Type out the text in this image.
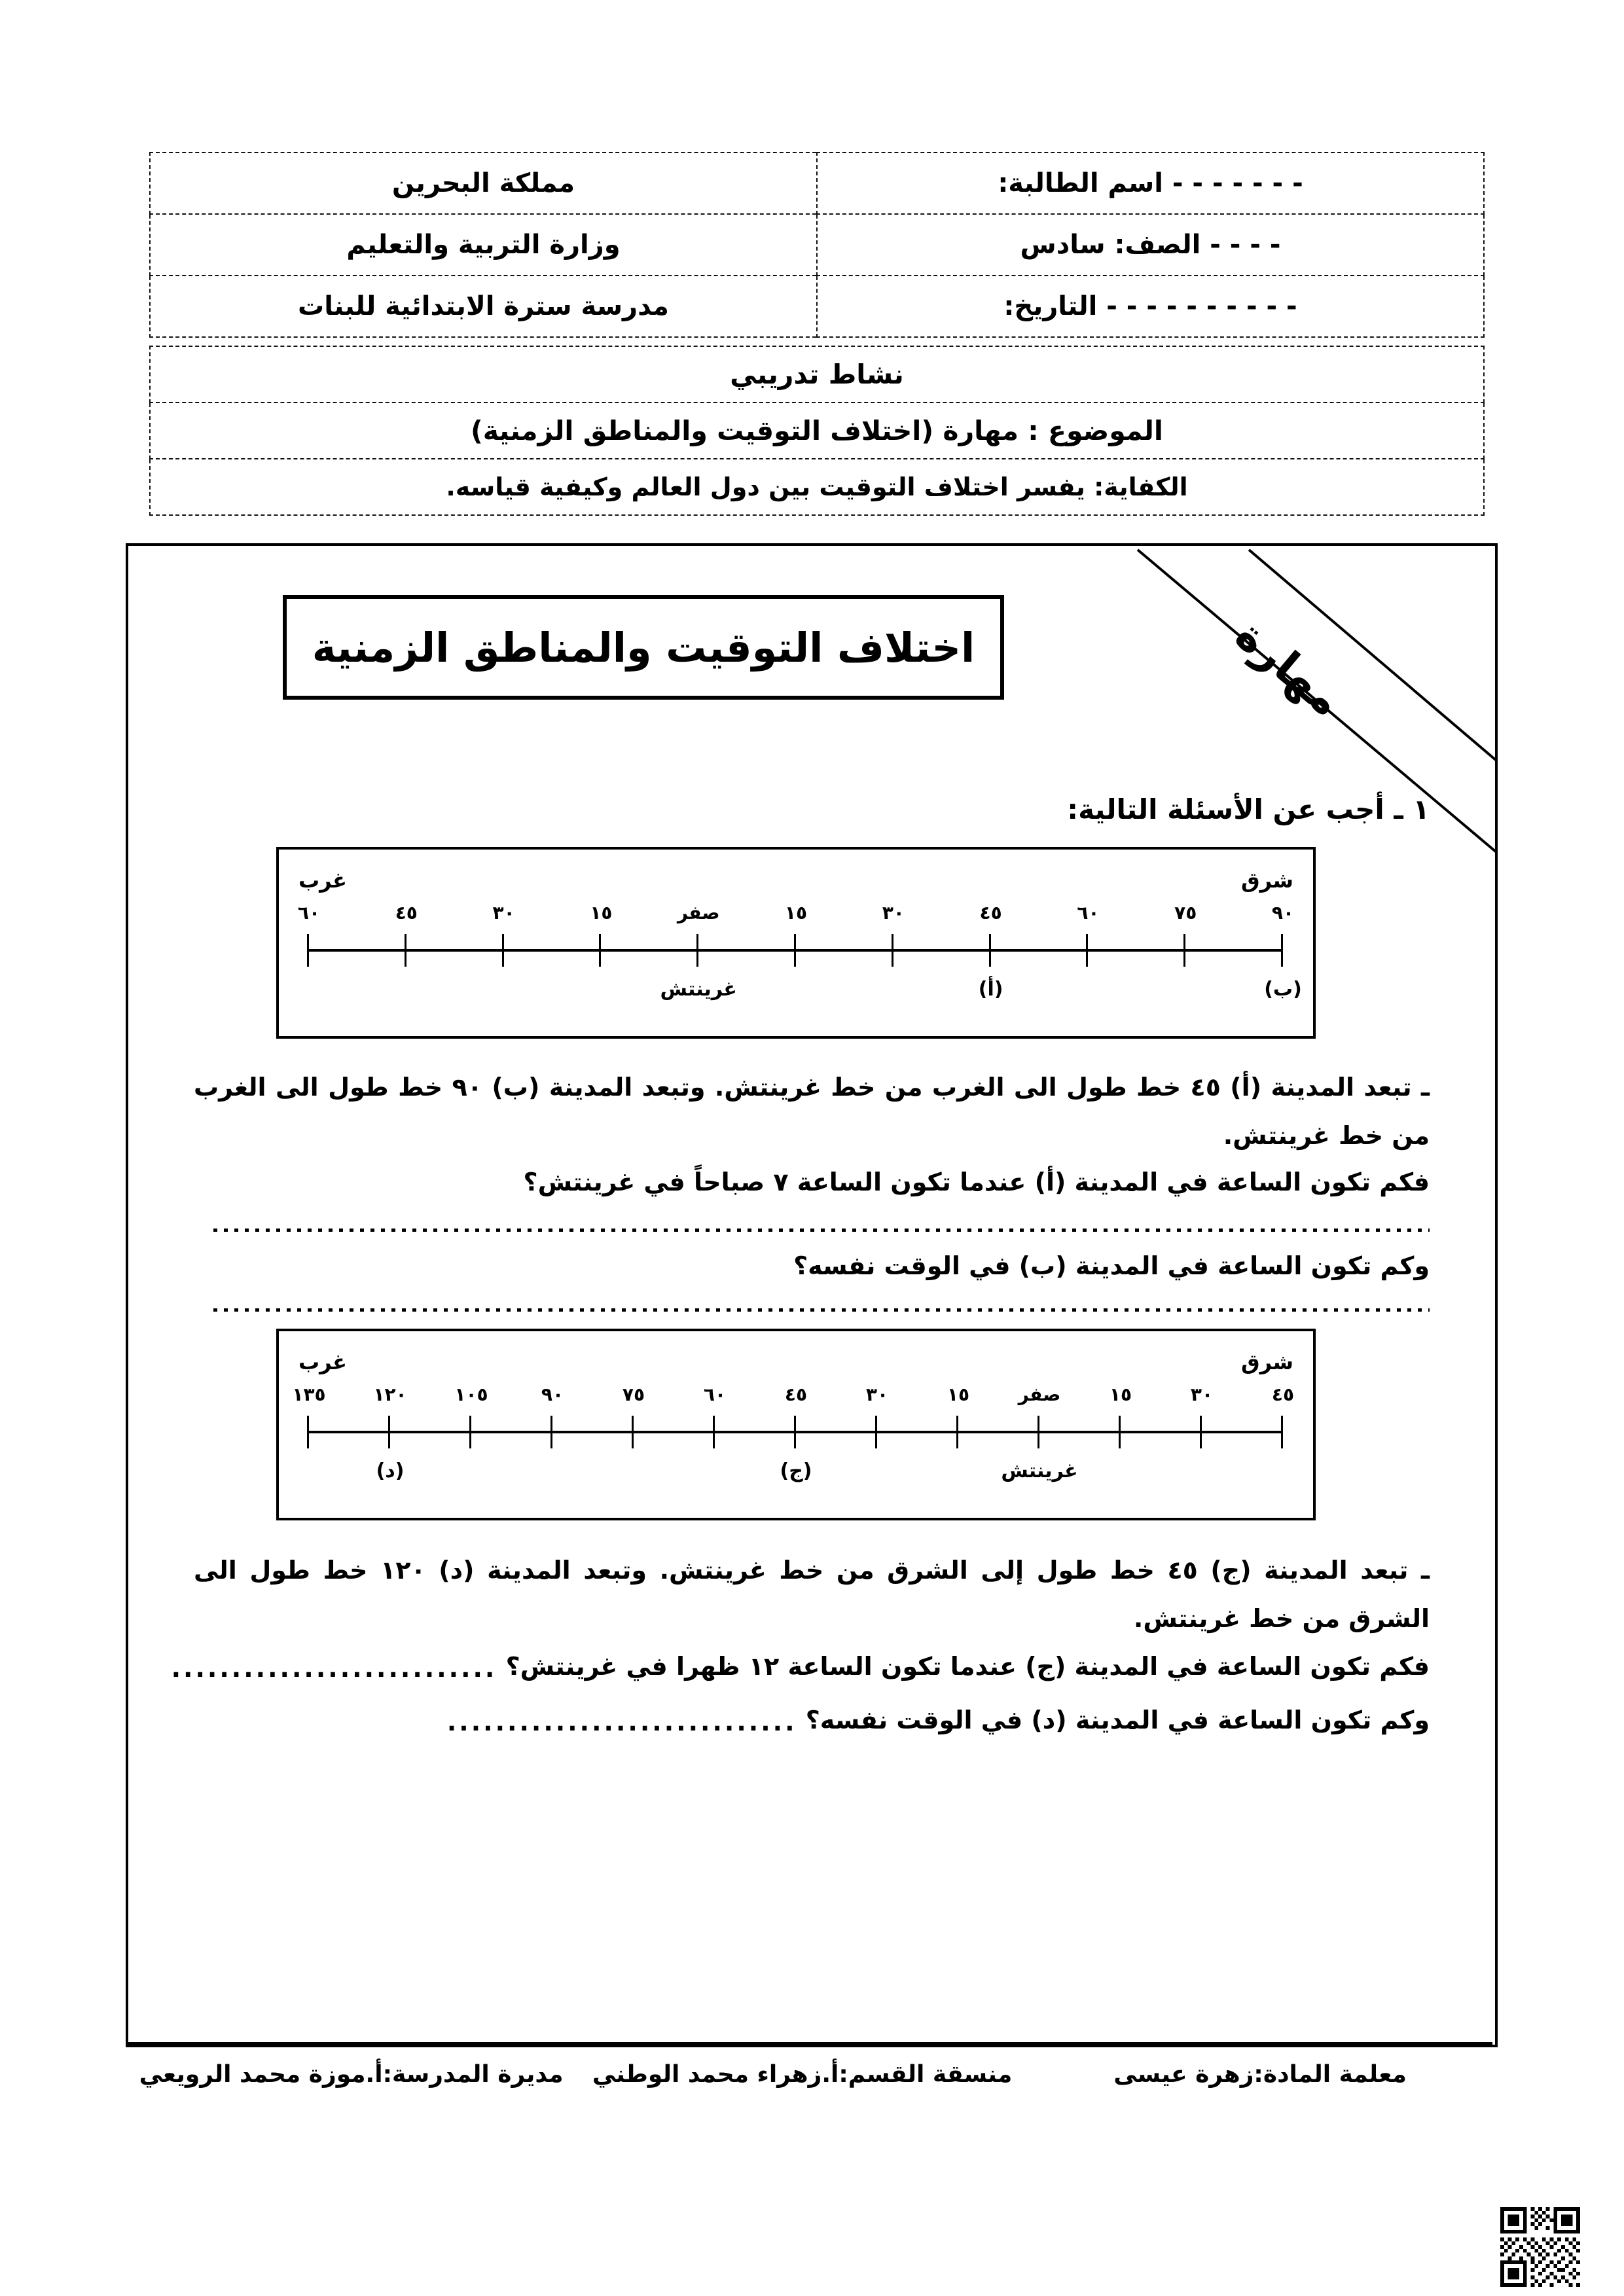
- - - - - - - اسم الطالبة:	مملكة البحرين
- - - - الصف: سادس	وزارة التربية والتعليم
- - - - - - - - - - التاريخ:	مدرسة سترة الابتدائية للبنات
نشاط تدريبي
الموضوع : مهارة (اختلاف التوقيت والمناطق الزمنية)
الكفاية: يفسر اختلاف التوقيت بين دول العالم وكيفية قياسه.
مهارة
اختلاف التوقيت والمناطق الزمنية
١ ـ أجب عن الأسئلة التالية:
غرب	شرق
٩٠
٧٥
٦٠
٤٥
٣٠
١٥
صفر
١٥
٣٠
٤٥
٦٠
(ب)
(أ)
غرينتش
ـ تبعد المدينة (أ) ٤٥ خط طول الى الغرب من خط غرينتش. وتبعد المدينة (ب) ٩٠ خط طول الى الغرب من خط غرينتش.
فكم تكون الساعة في المدينة (أ) عندما تكون الساعة ٧ صباحاً في غرينتش؟
وكم تكون الساعة في المدينة (ب) في الوقت نفسه؟
غرب	شرق
٤٥
٣٠
١٥
صفر
١٥
٣٠
٤٥
٦٠
٧٥
٩٠
١٠٥
١٢٠
١٣٥
غرينتش
(ج)
(د)
ـ تبعد المدينة (ج) ٤٥ خط طول إلى الشرق من خط غرينتش. وتبعد المدينة (د) ١٢٠ خط طول الى الشرق من خط غرينتش.
فكم تكون الساعة في المدينة (ج) عندما تكون الساعة ١٢ ظهرا في غرينتش؟ ...........................
وكم تكون الساعة في المدينة (د) في الوقت نفسه؟ .............................
معلمة المادة:زهرة عيسى
منسقة القسم:أ.زهراء محمد الوطني
مديرة المدرسة:أ.موزة محمد الرويعي
